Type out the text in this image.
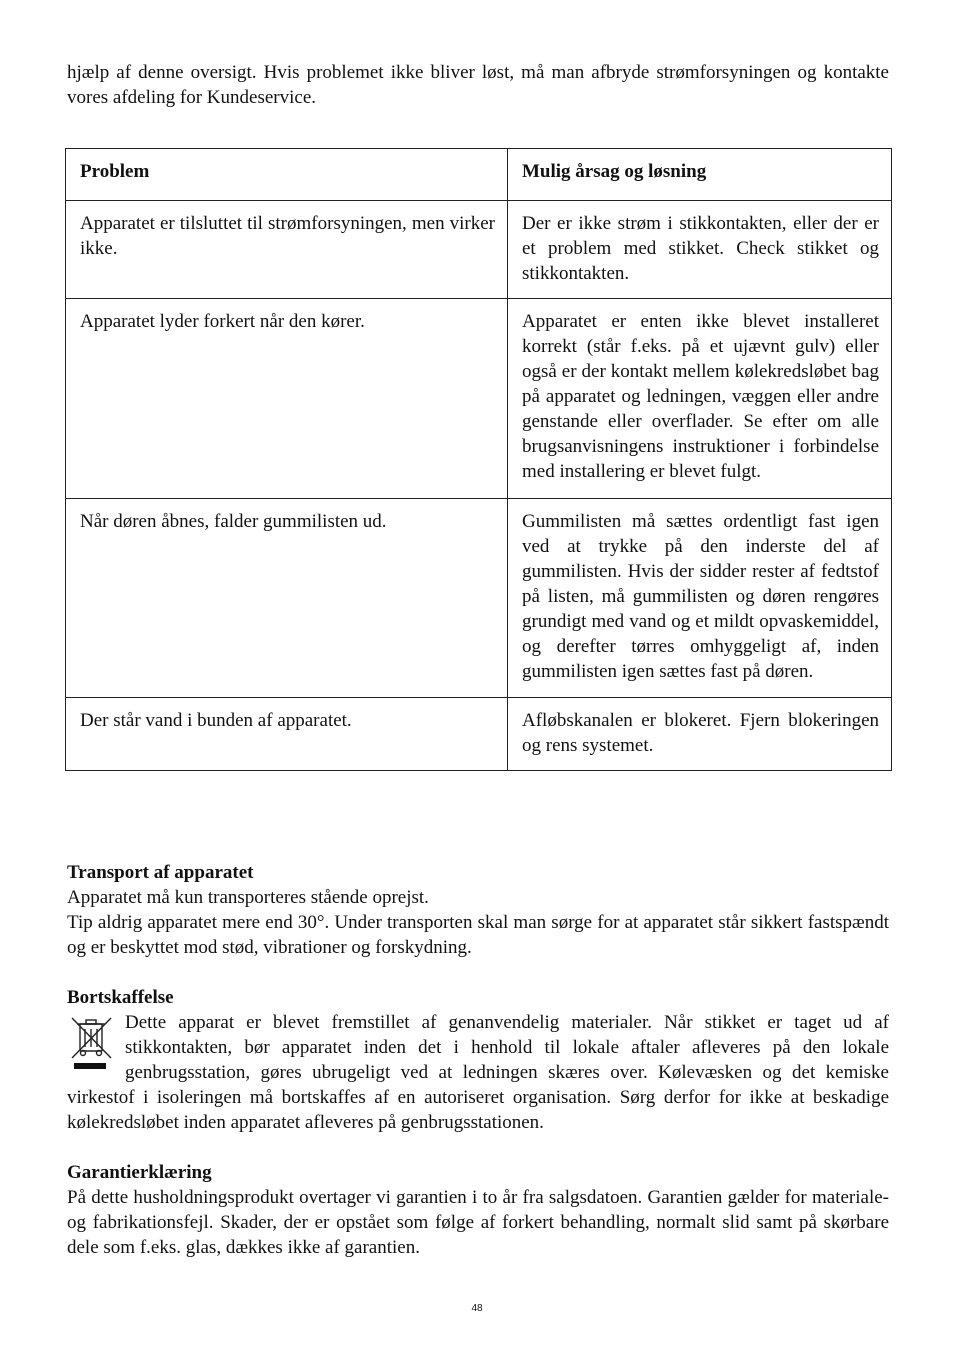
hjælp af denne oversigt. Hvis problemet ikke bliver løst, må man afbryde strømforsyningen og kontakte vores afdeling for Kundeservice.

Problem	Mulig årsag og løsning
Apparatet er tilsluttet til strømforsyningen, men virker ikke.	Der er ikke strøm i stikkontakten, eller der er et problem med stikket. Check stikket og stikkontakten.
Apparatet lyder forkert når den kører.	Apparatet er enten ikke blevet installeret korrekt (står f.eks. på et ujævnt gulv) eller også er der kontakt mellem kølekredsløbet bag på apparatet og ledningen, væggen eller andre genstande eller overflader. Se efter om alle brugsanvisningens instruktioner i forbindelse med installering er blevet fulgt.
Når døren åbnes, falder gummilisten ud.	Gummilisten må sættes ordentligt fast igen ved at trykke på den inderste del af gummilisten. Hvis der sidder rester af fedtstof på listen, må gummilisten og døren rengøres grundigt med vand og et mildt opvaskemiddel, og derefter tørres omhyggeligt af, inden gummilisten igen sættes fast på døren.
Der står vand i bunden af apparatet.	Afløbskanalen er blokeret. Fjern blokeringen og rens systemet.
Transport af apparatet

Apparatet må kun transporteres stående oprejst.

Tip aldrig apparatet mere end 30°. Under transporten skal man sørge for at apparatet står sikkert fastspændt og er beskyttet mod stød, vibrationer og forskydning.

Bortskaffelse

Dette apparat er blevet fremstillet af genanvendelig materialer. Når stikket er taget ud af stikkontakten, bør apparatet inden det i henhold til lokale aftaler afleveres på den lokale genbrugsstation, gøres ubrugeligt ved at ledningen skæres over. Kølevæsken og det kemiske virkestof i isoleringen må bortskaffes af en autoriseret organisation. Sørg derfor for ikke at beskadige kølekredsløbet inden apparatet afleveres på genbrugsstationen.

Garantierklæring

På dette husholdningsprodukt overtager vi garantien i to år fra salgsdatoen. Garantien gælder for materiale- og fabrikationsfejl. Skader, der er opstået som følge af forkert behandling, normalt slid samt på skørbare dele som f.eks. glas, dækkes ikke af garantien.

48
